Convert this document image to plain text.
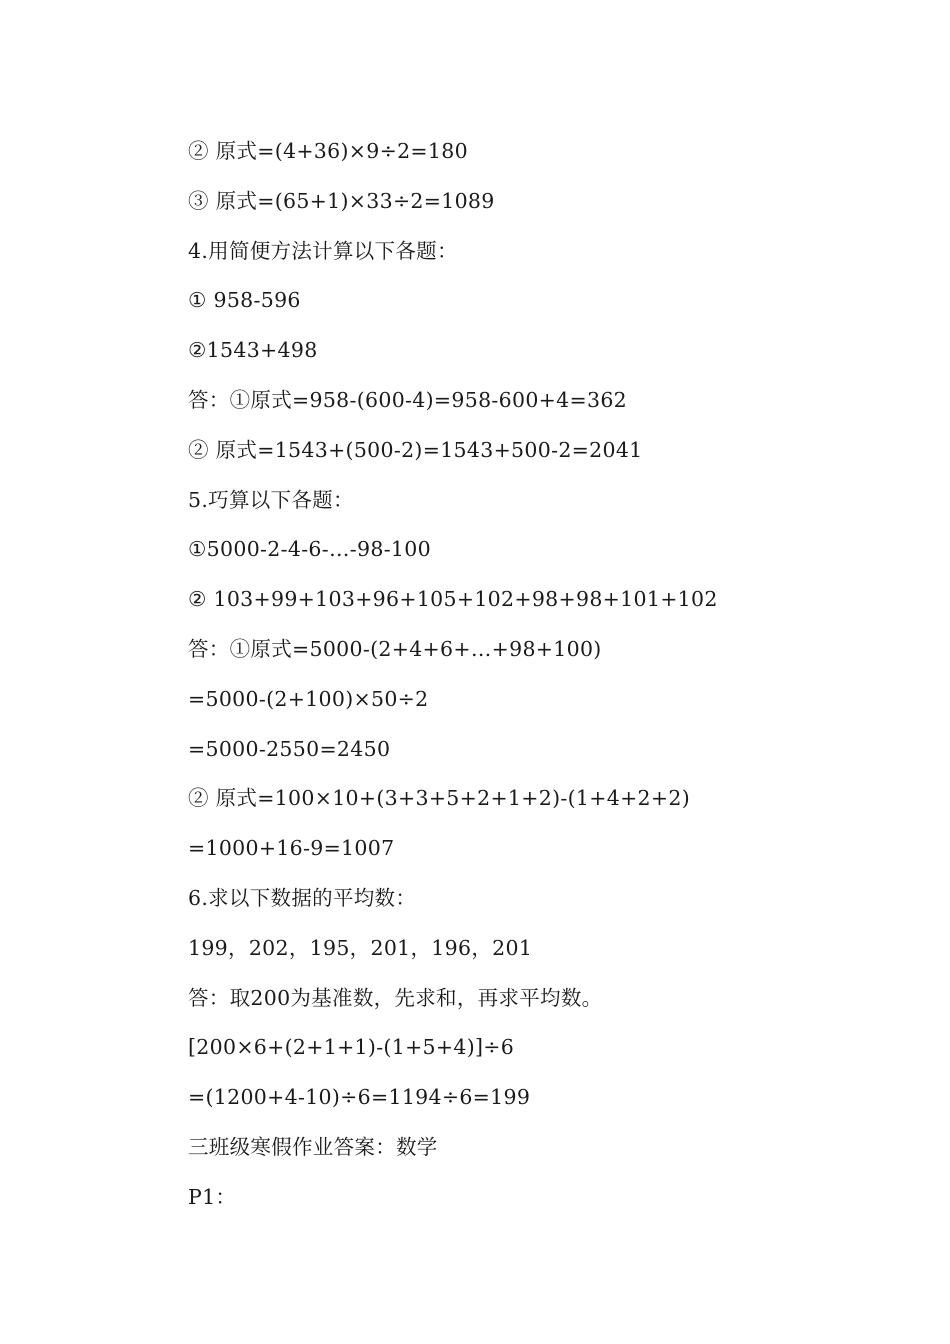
② 原式=(4+36)×9÷2=180
③ 原式=(65+1)×33÷2=1089
4.用简便方法计算以下各题：
① 958-596
②1543+498
答：①原式=958-(600-4)=958-600+4=362
② 原式=1543+(500-2)=1543+500-2=2041
5.巧算以下各题：
①5000-2-4-6-…-98-100
② 103+99+103+96+105+102+98+98+101+102
答：①原式=5000-(2+4+6+…+98+100)
=5000-(2+100)×50÷2
=5000-2550=2450
② 原式=100×10+(3+3+5+2+1+2)-(1+4+2+2)
=1000+16-9=1007
6.求以下数据的平均数：
199，202，195，201，196，201
答：取200为基准数，先求和，再求平均数。
[200×6+(2+1+1)-(1+5+4)]÷6
=(1200+4-10)÷6=1194÷6=199
三班级寒假作业答案：数学
P1：
